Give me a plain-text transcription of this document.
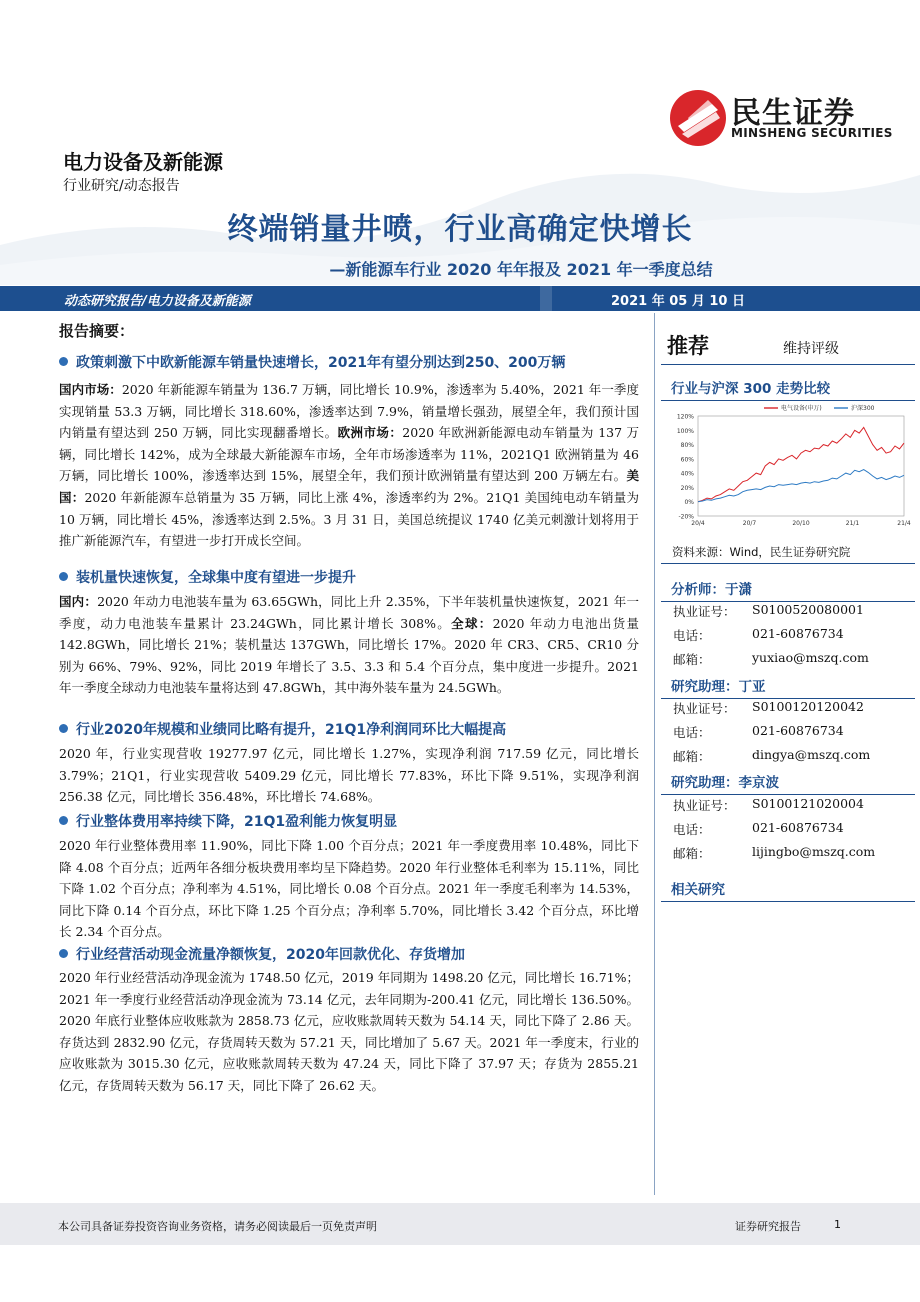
民生证券
MINSHENG SECURITIES
电力设备及新能源
行业研究/动态报告
终端销量井喷，行业高确定快增长
—新能源车行业 2020 年年报及 2021 年一季度总结
动态研究报告/电力设备及新能源	2021 年 05 月 10 日
报告摘要：
政策刺激下中欧新能源车销量快速增长，2021年有望分别达到250、200万辆
国内市场：2020 年新能源车销量为 136.7 万辆，同比增长 10.9%，渗透率为 5.40%，2021 年一季度实现销量 53.3 万辆，同比增长 318.60%，渗透率达到 7.9%，销量增长强劲，展望全年，我们预计国内销量有望达到 250 万辆，同比实现翻番增长。欧洲市场：2020 年欧洲新能源电动车销量为 137 万辆，同比增长 142%，成为全球最大新能源车市场，全年市场渗透率为 11%，2021Q1 欧洲销量为 46 万辆，同比增长 100%，渗透率达到 15%，展望全年，我们预计欧洲销量有望达到 200 万辆左右。美国：2020 年新能源车总销量为 35 万辆，同比上涨 4%，渗透率约为 2%。21Q1 美国纯电动车销量为 10 万辆，同比增长 45%，渗透率达到 2.5%。3 月 31 日，美国总统提议 1740 亿美元刺激计划将用于推广新能源汽车，有望进一步打开成长空间。
装机量快速恢复，全球集中度有望进一步提升
国内：2020 年动力电池装车量为 63.65GWh，同比上升 2.35%，下半年装机量快速恢复，2021 年一季度，动力电池装车量累计 23.24GWh，同比累计增长 308%。全球：2020 年动力电池出货量 142.8GWh，同比增长 21%；装机量达 137GWh，同比增长 17%。2020 年 CR3、CR5、CR10 分别为 66%、79%、92%，同比 2019 年增长了 3.5、3.3 和 5.4 个百分点，集中度进一步提升。2021 年一季度全球动力电池装车量将达到 47.8GWh，其中海外装车量为 24.5GWh。
行业2020年规模和业绩同比略有提升，21Q1净利润同环比大幅提高
2020 年，行业实现营收 19277.97 亿元，同比增长 1.27%，实现净利润 717.59 亿元，同比增长 3.79%；21Q1，行业实现营收 5409.29 亿元，同比增长 77.83%，环比下降 9.51%，实现净利润 256.38 亿元，同比增长 356.48%，环比增长 74.68%。
行业整体费用率持续下降，21Q1盈利能力恢复明显
2020 年行业整体费用率 11.90%，同比下降 1.00 个百分点；2021 年一季度费用率 10.48%，同比下降 4.08 个百分点；近两年各细分板块费用率均呈下降趋势。2020 年行业整体毛利率为 15.11%，同比下降 1.02 个百分点；净利率为 4.51%，同比增长 0.08 个百分点。2021 年一季度毛利率为 14.53%，同比下降 0.14 个百分点，环比下降 1.25 个百分点；净利率 5.70%，同比增长 3.42 个百分点，环比增长 2.34 个百分点。
行业经营活动现金流量净额恢复，2020年回款优化、存货增加
2020 年行业经营活动净现金流为 1748.50 亿元，2019 年同期为 1498.20 亿元，同比增长 16.71%；2021 年一季度行业经营活动净现金流为 73.14 亿元，去年同期为-200.41 亿元，同比增长 136.50%。2020 年底行业整体应收账款为 2858.73 亿元，应收账款周转天数为 54.14 天，同比下降了 2.86 天。存货达到 2832.90 亿元，存货周转天数为 57.21 天，同比增加了 5.67 天。2021 年一季度末，行业的应收账款为 3015.30 亿元，应收账款周转天数为 47.24 天，同比下降了 37.97 天；存货为 2855.21 亿元，存货周转天数为 56.17 天，同比下降了 26.62 天。
推荐	维持评级
行业与沪深 300 走势比较
120%
100%
80%
60%
40%
20%
0%
-20%
20/4	20/7	20/10	21/1	21/4
电气设备(申万)	沪深300
资料来源：Wind，民生证券研究院
分析师：于潇
执业证号： S0100520080001
电话：	021-60876734
邮箱：	yuxiao@mszq.com
研究助理：丁亚
执业证号： S0100120120042
电话：	021-60876734
邮箱：	dingya@mszq.com
研究助理：李京波
执业证号： S0100121020004
电话：	021-60876734
邮箱：	lijingbo@mszq.com
相关研究
本公司具备证券投资咨询业务资格，请务必阅读最后一页免责声明	证券研究报告	1
